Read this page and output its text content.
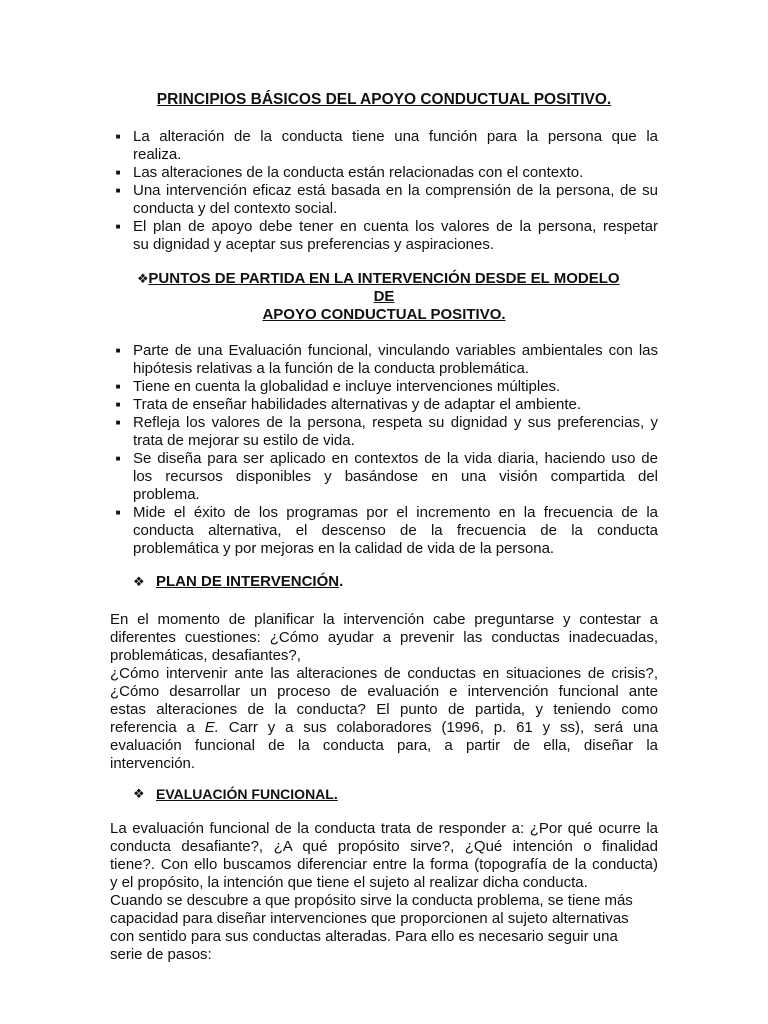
PRINCIPIOS BÁSICOS DEL APOYO CONDUCTUAL POSITIVO.
■ La alteración de la conducta tiene una función para la persona que la
realiza.
■ Las alteraciones de la conducta están relacionadas con el contexto.
■ Una intervención eficaz está basada en la comprensión de la persona, de su
conducta y del contexto social.
■ El plan de apoyo debe tener en cuenta los valores de la persona, respetar
su dignidad y aceptar sus preferencias y aspiraciones.
❖ PUNTOS DE PARTIDA EN LA INTERVENCIÓN DESDE EL MODELO
DE
APOYO CONDUCTUAL POSITIVO.
■ Parte de una Evaluación funcional, vinculando variables ambientales con las
hipótesis relativas a la función de la conducta problemática.
■ Tiene en cuenta la globalidad e incluye intervenciones múltiples.
■ Trata de enseñar habilidades alternativas y de adaptar el ambiente.
■ Refleja los valores de la persona, respeta su dignidad y sus preferencias, y
trata de mejorar su estilo de vida.
■ Se diseña para ser aplicado en contextos de la vida diaria, haciendo uso de
los recursos disponibles y basándose en una visión compartida del
problema.
■ Mide el éxito de los programas por el incremento en la frecuencia de la
conducta alternativa, el descenso de la frecuencia de la conducta
problemática y por mejoras en la calidad de vida de la persona.
❖ PLAN DE INTERVENCIÓN.
En el momento de planificar la intervención cabe preguntarse y contestar a
diferentes cuestiones: ¿Cómo ayudar a prevenir las conductas inadecuadas,
problemáticas, desafiantes?,
¿Cómo intervenir ante las alteraciones de conductas en situaciones de crisis?,
¿Cómo desarrollar un proceso de evaluación e intervención funcional ante
estas alteraciones de la conducta? El punto de partida, y teniendo como
referencia a E. Carr y a sus colaboradores (1996, p. 61 y ss), será una
evaluación funcional de la conducta para, a partir de ella, diseñar la
intervención.
❖ EVALUACIÓN FUNCIONAL.
La evaluación funcional de la conducta trata de responder a: ¿Por qué ocurre la
conducta desafiante?, ¿A qué propósito sirve?, ¿Qué intención o finalidad
tiene?. Con ello buscamos diferenciar entre la forma (topografía de la conducta)
y el propósito, la intención que tiene el sujeto al realizar dicha conducta.
Cuando se descubre a que propósito sirve la conducta problema, se tiene más
capacidad para diseñar intervenciones que proporcionen al sujeto alternativas
con sentido para sus conductas alteradas. Para ello es necesario seguir una
serie de pasos:
